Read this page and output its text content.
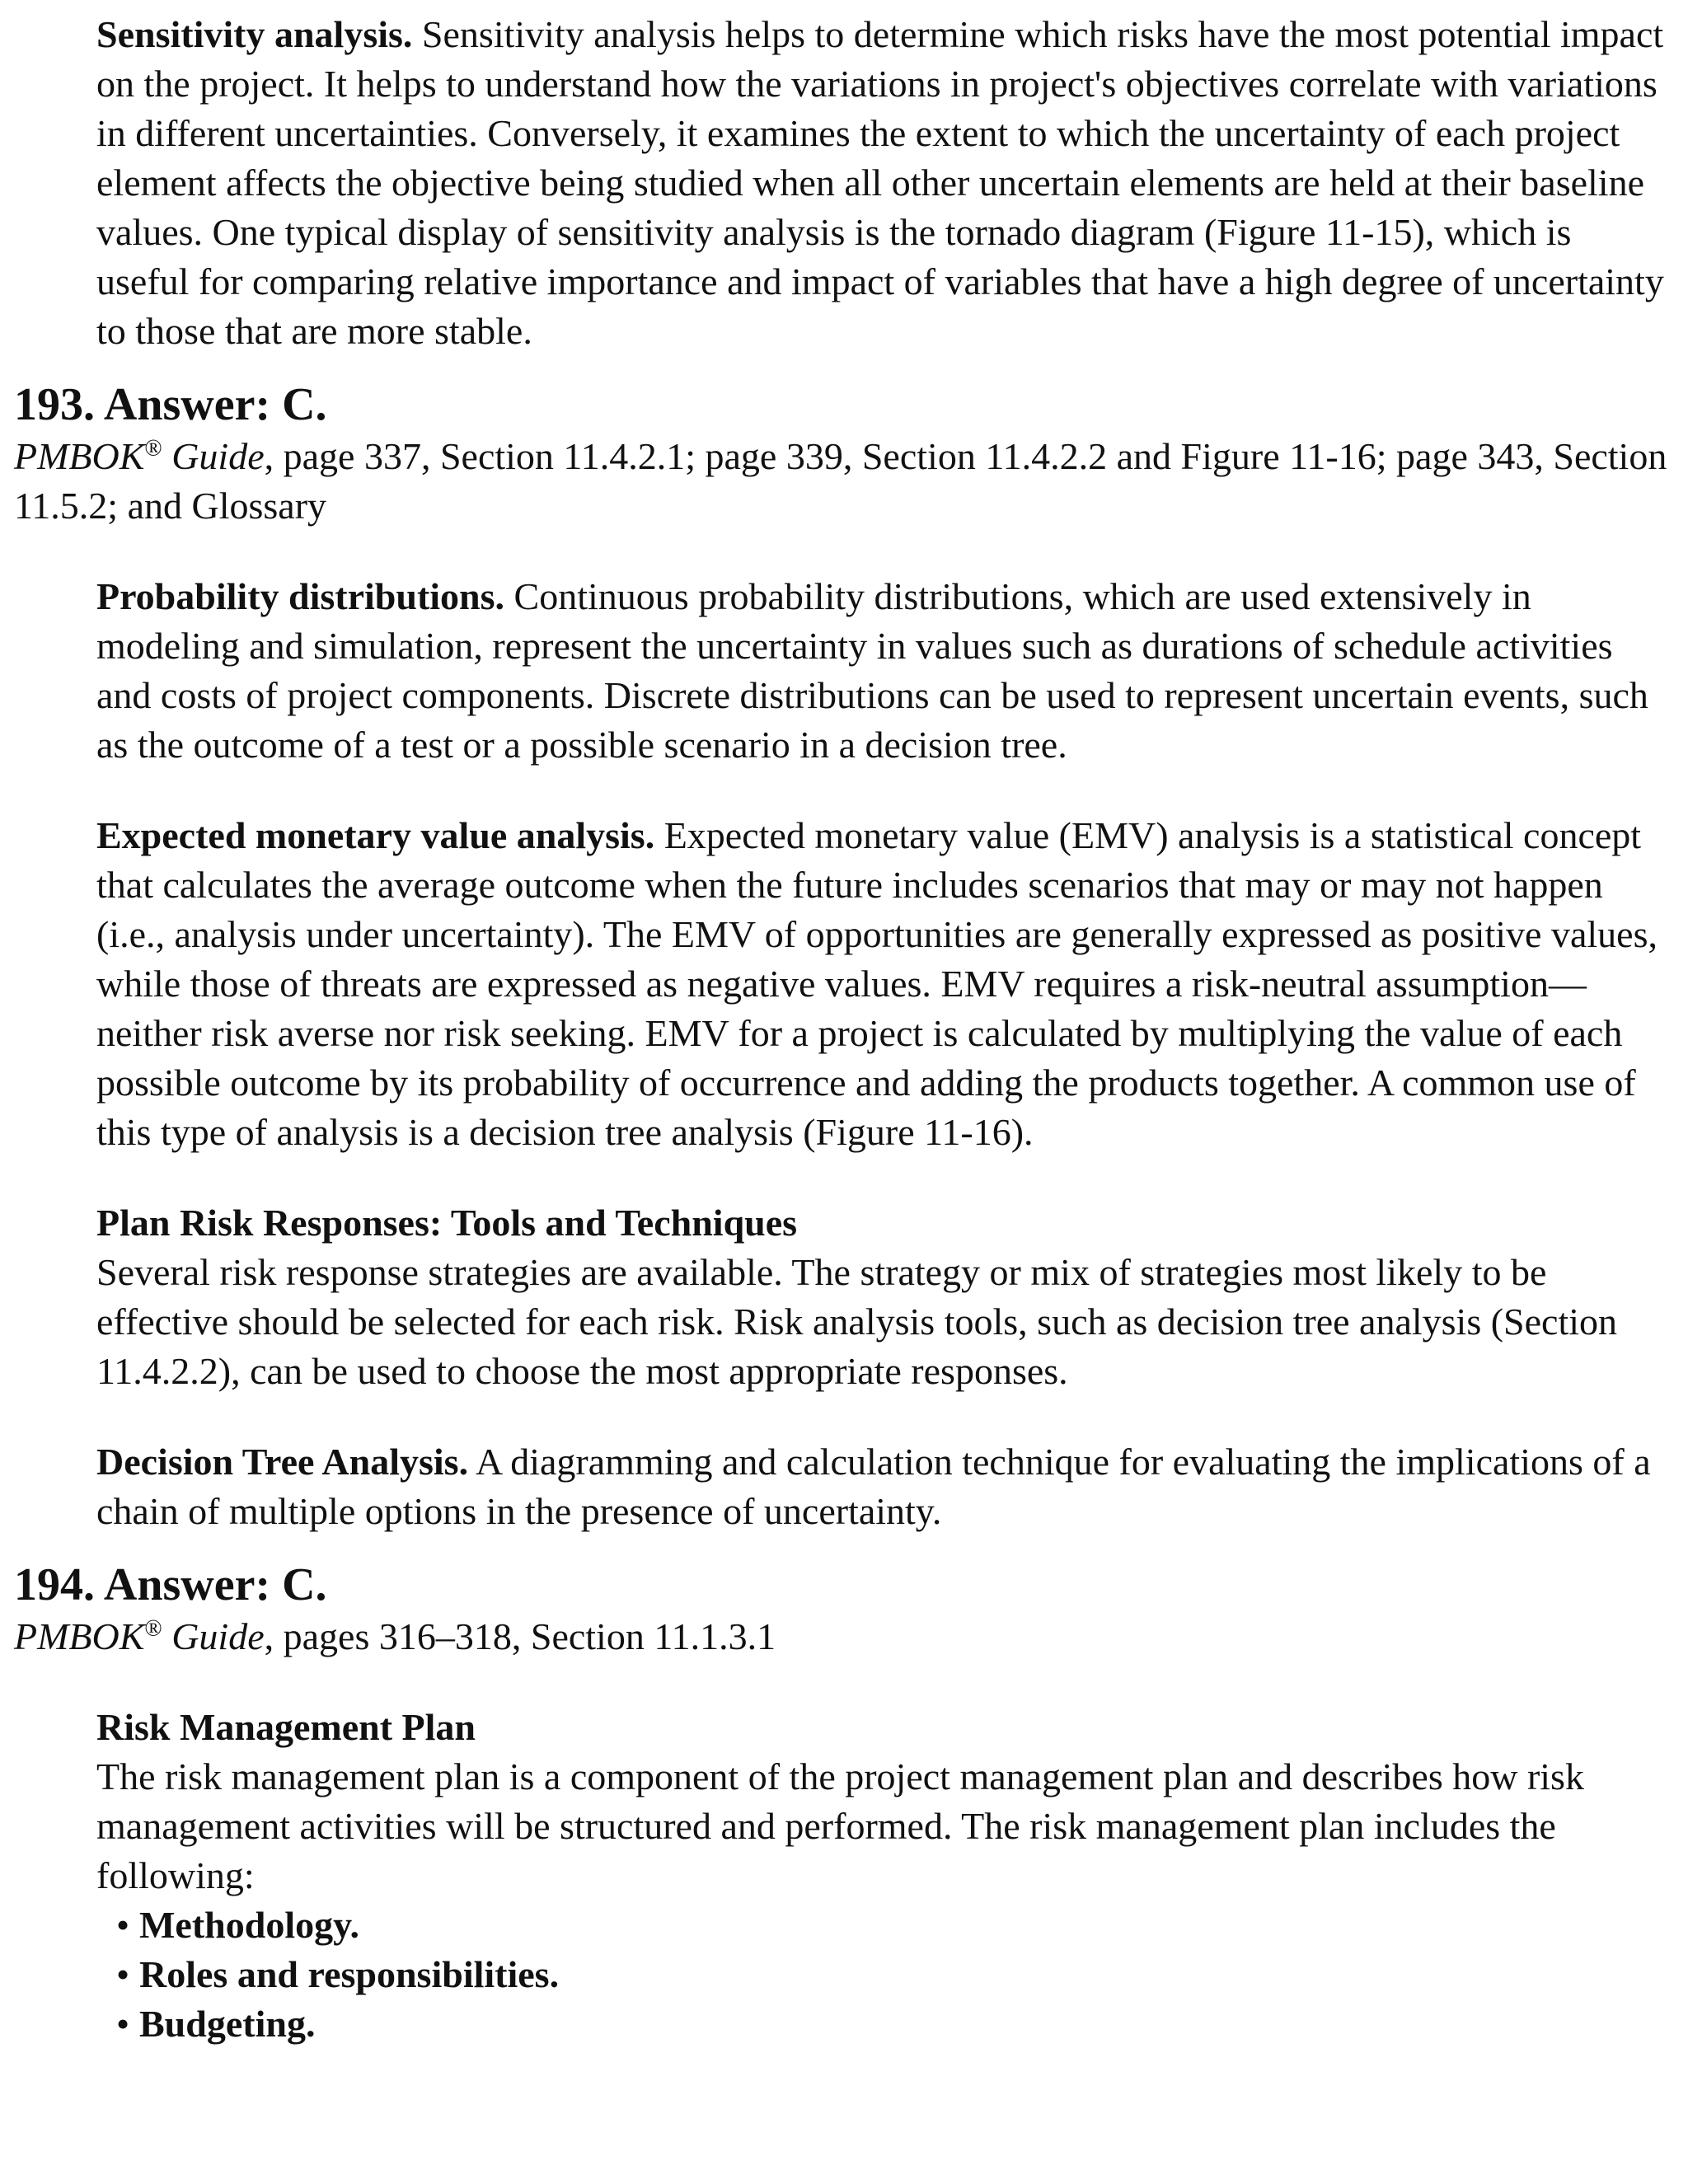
Sensitivity analysis. Sensitivity analysis helps to determine which risks have the most potential impact on the project. It helps to understand how the variations in project's objectives correlate with variations in different uncertainties. Conversely, it examines the extent to which the uncertainty of each project element affects the objective being studied when all other uncertain elements are held at their baseline values. One typical display of sensitivity analysis is the tornado diagram (Figure 11-15), which is useful for comparing relative importance and impact of variables that have a high degree of uncertainty to those that are more stable.

193. Answer: C.
PMBOK® Guide, page 337, Section 11.4.2.1; page 339, Section 11.4.2.2 and Figure 11-16; page 343, Section 11.5.2; and Glossary

Probability distributions. Continuous probability distributions, which are used extensively in modeling and simulation, represent the uncertainty in values such as durations of schedule activities and costs of project components. Discrete distributions can be used to represent uncertain events, such as the outcome of a test or a possible scenario in a decision tree.

Expected monetary value analysis. Expected monetary value (EMV) analysis is a statistical concept that calculates the average outcome when the future includes scenarios that may or may not happen (i.e., analysis under uncertainty). The EMV of opportunities are generally expressed as positive values, while those of threats are expressed as negative values. EMV requires a risk-neutral assumption—neither risk averse nor risk seeking. EMV for a project is calculated by multiplying the value of each possible outcome by its probability of occurrence and adding the products together. A common use of this type of analysis is a decision tree analysis (Figure 11-16).

Plan Risk Responses: Tools and Techniques

Several risk response strategies are available. The strategy or mix of strategies most likely to be effective should be selected for each risk. Risk analysis tools, such as decision tree analysis (Section 11.4.2.2), can be used to choose the most appropriate responses.

Decision Tree Analysis. A diagramming and calculation technique for evaluating the implications of a chain of multiple options in the presence of uncertainty.

194. Answer: C.
PMBOK® Guide, pages 316–318, Section 11.1.3.1
Risk Management Plan

The risk management plan is a component of the project management plan and describes how risk management activities will be structured and performed. The risk management plan includes the following:

• Methodology.
• Roles and responsibilities.
• Budgeting.
